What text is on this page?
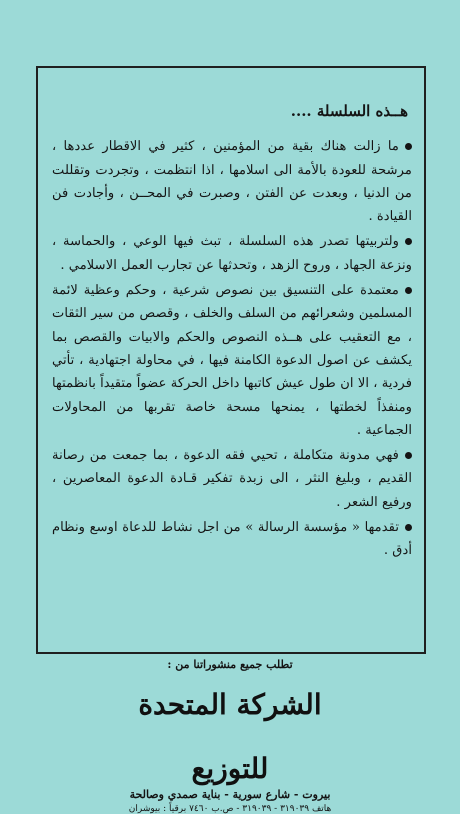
هــذه السلسلة ....
ما زالت هناك بقية من المؤمنين ، كثير في الاقطار عددها ، مرشحة للعودة بالأمة الى اسلامها ، اذا انتظمت ، وتجردت وتقللت من الدنيا ، وبعدت عن الفتن ، وصبرت في المحــن ، وأجادت فن القيادة .
ولتربيتها تصدر هذه السلسلة ، تبث فيها الوعي ، والحماسة ، ونزعة الجهاد ، وروح الزهد ، وتحدثها عن تجارب العمل الاسلامي .
معتمدة على التنسيق بين نصوص شرعية ، وحكم وعظية لائمة المسلمين وشعرائهم من السلف والخلف ، وقصص من سير الثقات ، مع التعقيب على هــذه النصوص والحكم والابيات والقصص بما يكشف عن اصول الدعوة الكامنة فيها ، في محاولة اجتهادية ، تأتي فردية ، الا ان طول عيش كاتبها داخل الحركة عضواً متقيداً بانظمتها ومنفذاً لخطتها ، يمنحها مسحة خاصة تقربها من المحاولات الجماعية .
فهي مدونة متكاملة ، تحيي فقه الدعوة ، بما جمعت من رصانة القديم ، وبليغ النثر ، الى زبدة تفكير قـادة الدعوة المعاصرين ، ورفيع الشعر .
تقدمها « مؤسسة الرسالة » من اجل نشاط للدعاة اوسع ونظام أدق .
تطلب جميع منشوراتنا من :
الشركة المتحدة للتوزيع
بيروت - شارع سورية - بناية صمدي وصالحة
هاتف ٣١٩٠٣٩ - ٣١٩٠٣٩ - ص.ب ٧٤٦٠ برقياً : بيوشران
